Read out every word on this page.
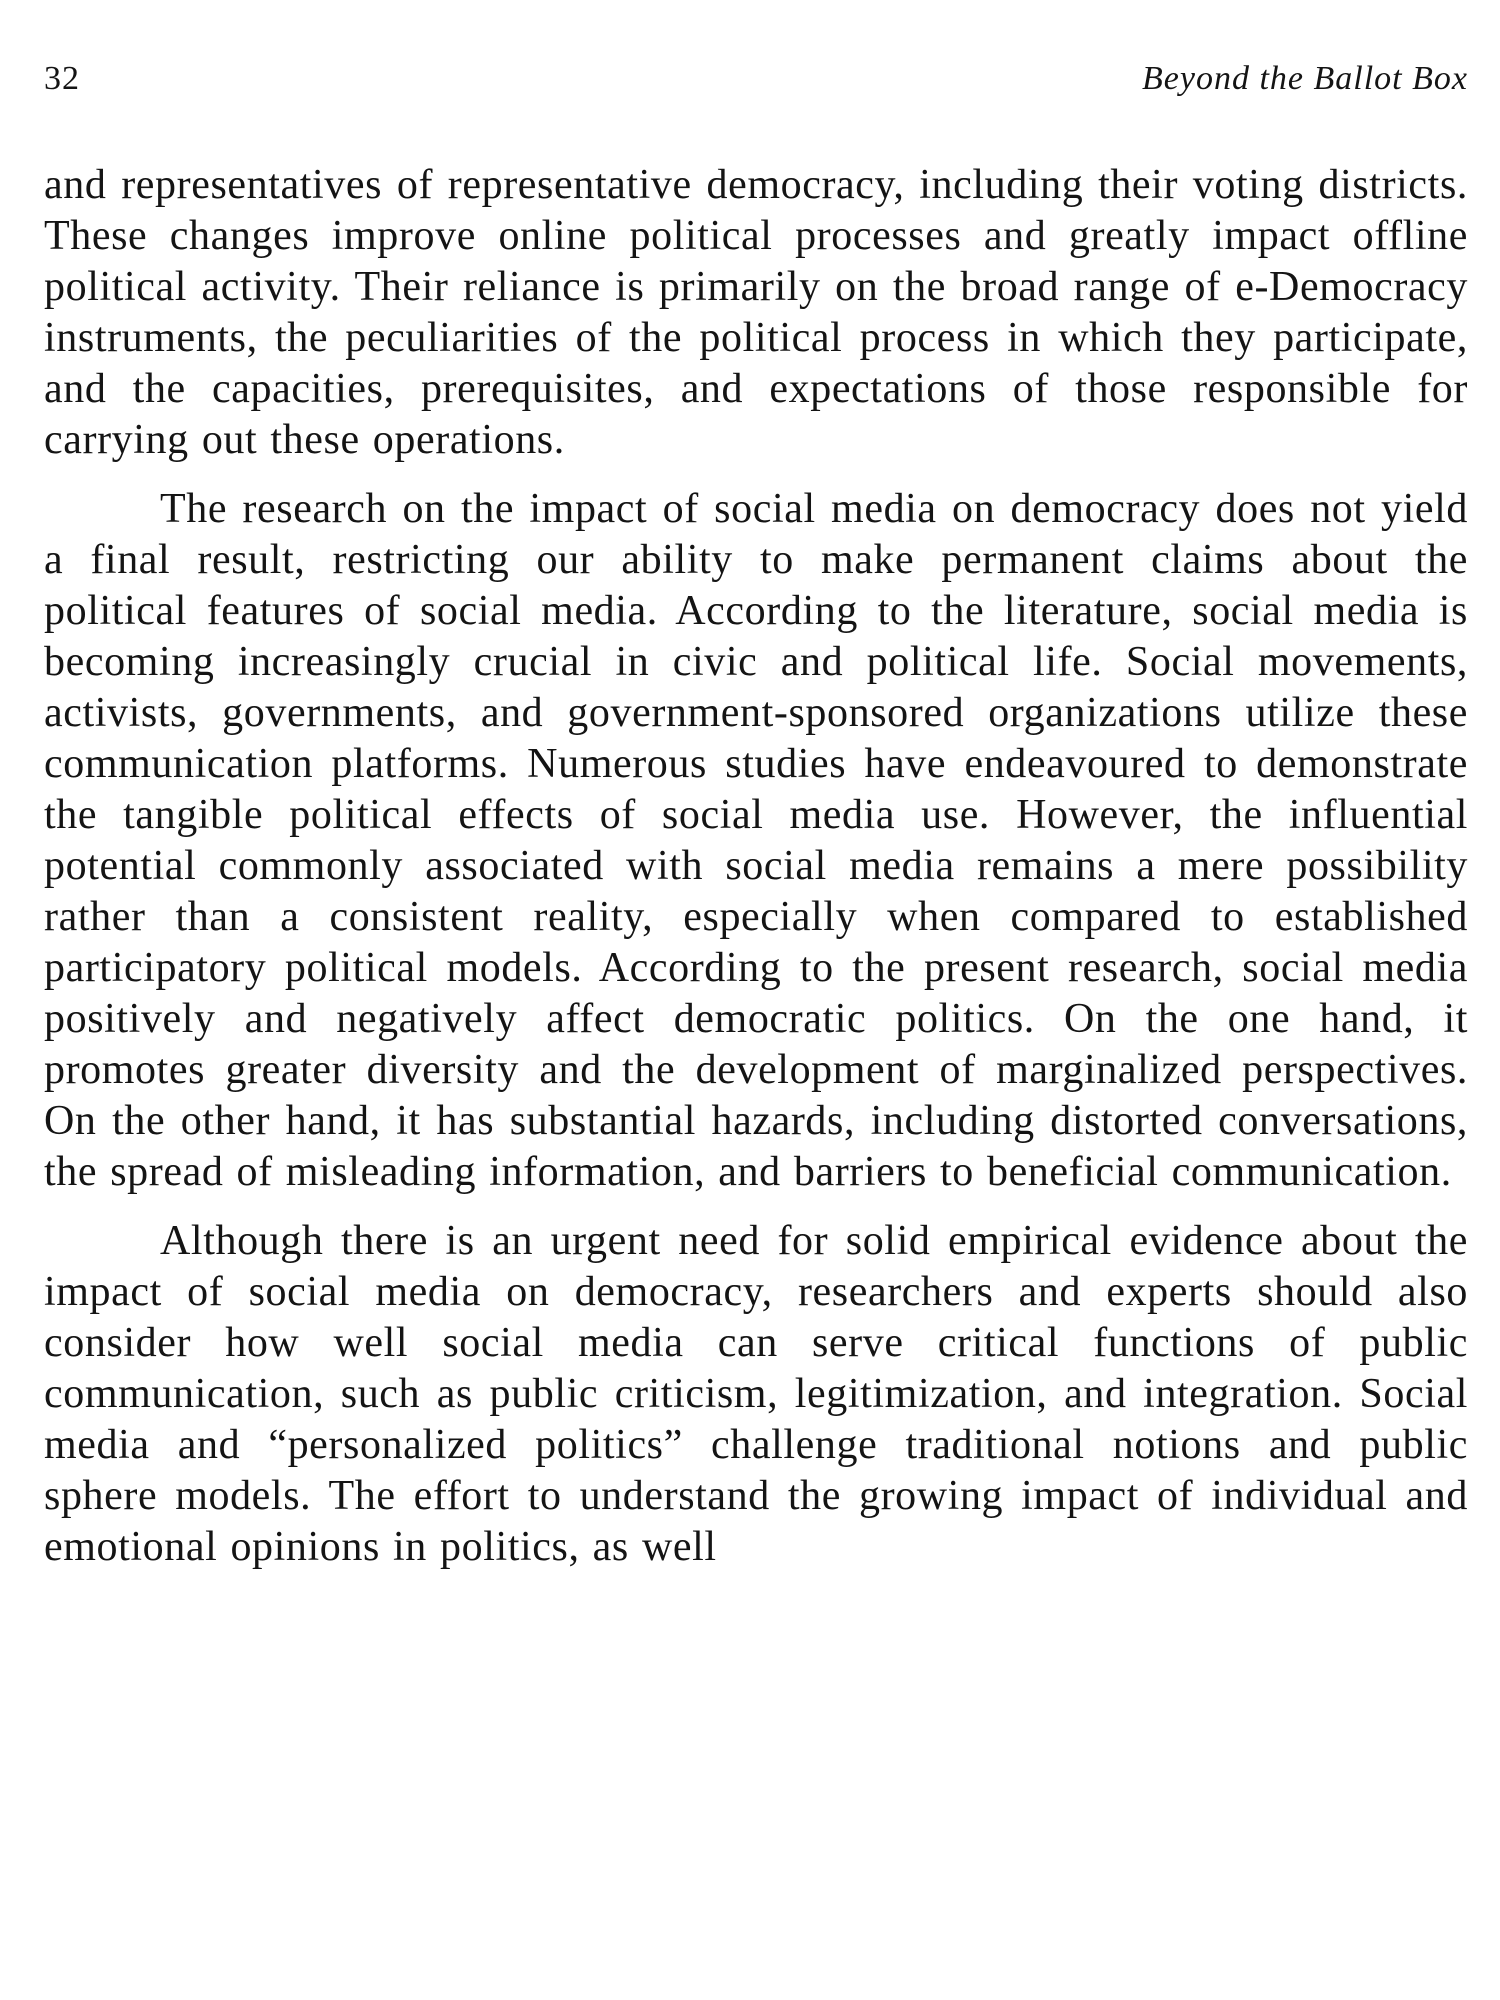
32	Beyond the Ballot Box

and representatives of representative democracy, including their voting districts. These changes improve online political processes and greatly impact offline political activity. Their reliance is primarily on the broad range of e-Democracy instruments, the peculiarities of the political process in which they participate, and the capacities, prerequisites, and expectations of those responsible for carrying out these operations.

The research on the impact of social media on democracy does not yield a final result, restricting our ability to make permanent claims about the political features of social media. According to the literature, social media is becoming increasingly crucial in civic and political life. Social movements, activists, governments, and government-sponsored organizations utilize these communication platforms. Numerous studies have endeavoured to demonstrate the tangible political effects of social media use. However, the influential potential commonly associated with social media remains a mere possibility rather than a consistent reality, especially when compared to established participatory political models. According to the present research, social media positively and negatively affect democratic politics. On the one hand, it promotes greater diversity and the development of marginalized perspectives. On the other hand, it has substantial hazards, including distorted conversations, the spread of misleading information, and barriers to beneficial communication.

Although there is an urgent need for solid empirical evidence about the impact of social media on democracy, researchers and experts should also consider how well social media can serve critical functions of public communication, such as public criticism, legitimization, and integration. Social media and “personalized politics” challenge traditional notions and public sphere models. The effort to understand the growing impact of individual and emotional opinions in politics, as well
